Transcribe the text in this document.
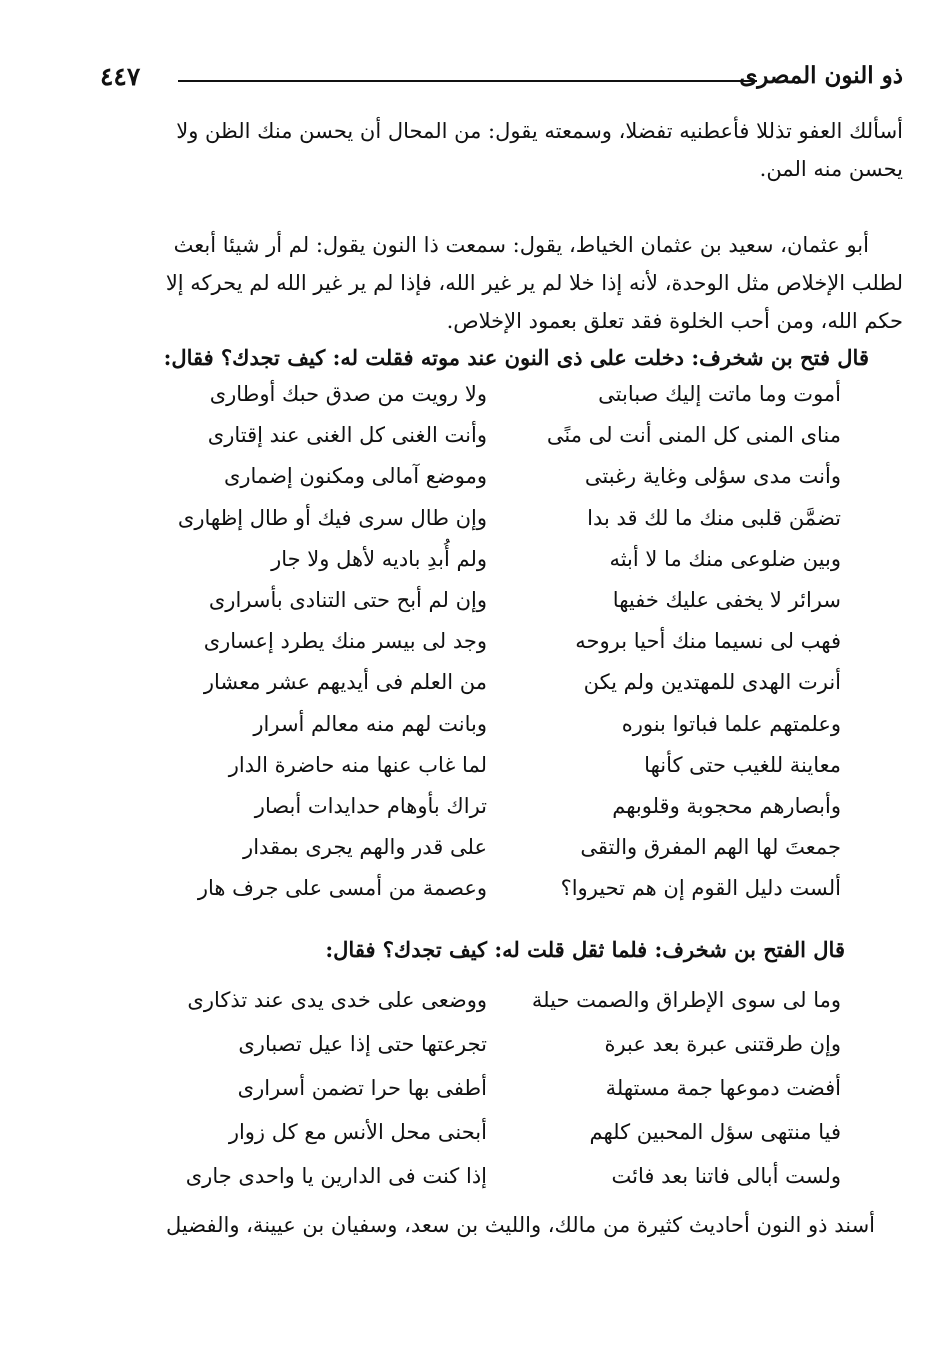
ذو النون المصرى
٤٤٧
أسألك العفو تذللا فأعطنيه تفضلا، وسمعته يقول: من المحال أن يحسن منك الظن ولا
يحسن منه المن.
أبو عثمان، سعيد بن عثمان الخياط، يقول: سمعت ذا النون يقول: لم أر شيئا أبعث
لطلب الإخلاص مثل الوحدة، لأنه إذا خلا لم ير غير الله، فإذا لم ير غير الله لم يحركه إلا
حكم الله، ومن أحب الخلوة فقد تعلق بعمود الإخلاص.
قال فتح بن شخرف: دخلت على ذى النون عند موته فقلت له: كيف تجدك؟ فقال:
أموت وما ماتت إليك صبابتى
ولا رويت من صدق حبك أوطارى
مناى المنى كل المنى أنت لى منًى
وأنت الغنى كل الغنى عند إقتارى
وأنت مدى سؤلى وغاية رغبتى
وموضع آمالى ومكنون إضمارى
تضمَّن قلبى منك ما لك قد بدا
وإن طال سرى فيك أو طال إظهارى
وبين ضلوعى منك ما لا أبثه
ولم أُبدِ باديه لأهل ولا جار
سرائر لا يخفى عليك خفيها
وإن لم أبح حتى التنادى بأسرارى
فهب لى نسيما منك أحيا بروحه
وجد لى بيسر منك يطرد إعسارى
أنرت الهدى للمهتدين ولم يكن
من العلم فى أيديهم عشر معشار
وعلمتهم علما فباتوا بنوره
وبانت لهم منه معالم أسرار
معاينة للغيب حتى كأنها
لما غاب عنها منه حاضرة الدار
وأبصارهم محجوبة وقلوبهم
تراك بأوهام حدايدات أبصار
جمعتَ لها الهم المفرق والتقى
على قدر والهم يجرى بمقدار
ألست دليل القوم إن هم تحيروا؟
وعصمة من أمسى على جرف هار
قال الفتح بن شخرف: فلما ثقل قلت له: كيف تجدك؟ فقال:
وما لى سوى الإطراق والصمت حيلة
ووضعى على خدى يدى عند تذكارى
وإن طرقتنى عبرة بعد عبرة
تجرعتها حتى إذا عيل تصبارى
أفضت دموعها جمة مستهلة
أطفى بها حرا تضمن أسرارى
فيا منتهى سؤل المحبين كلهم
أبحنى محل الأنس مع كل زوار
ولست أبالى فاتنا بعد فائت
إذا كنت فى الدارين يا واحدى جارى
أسند ذو النون أحاديث كثيرة من مالك، والليث بن سعد، وسفيان بن عيينة، والفضيل
